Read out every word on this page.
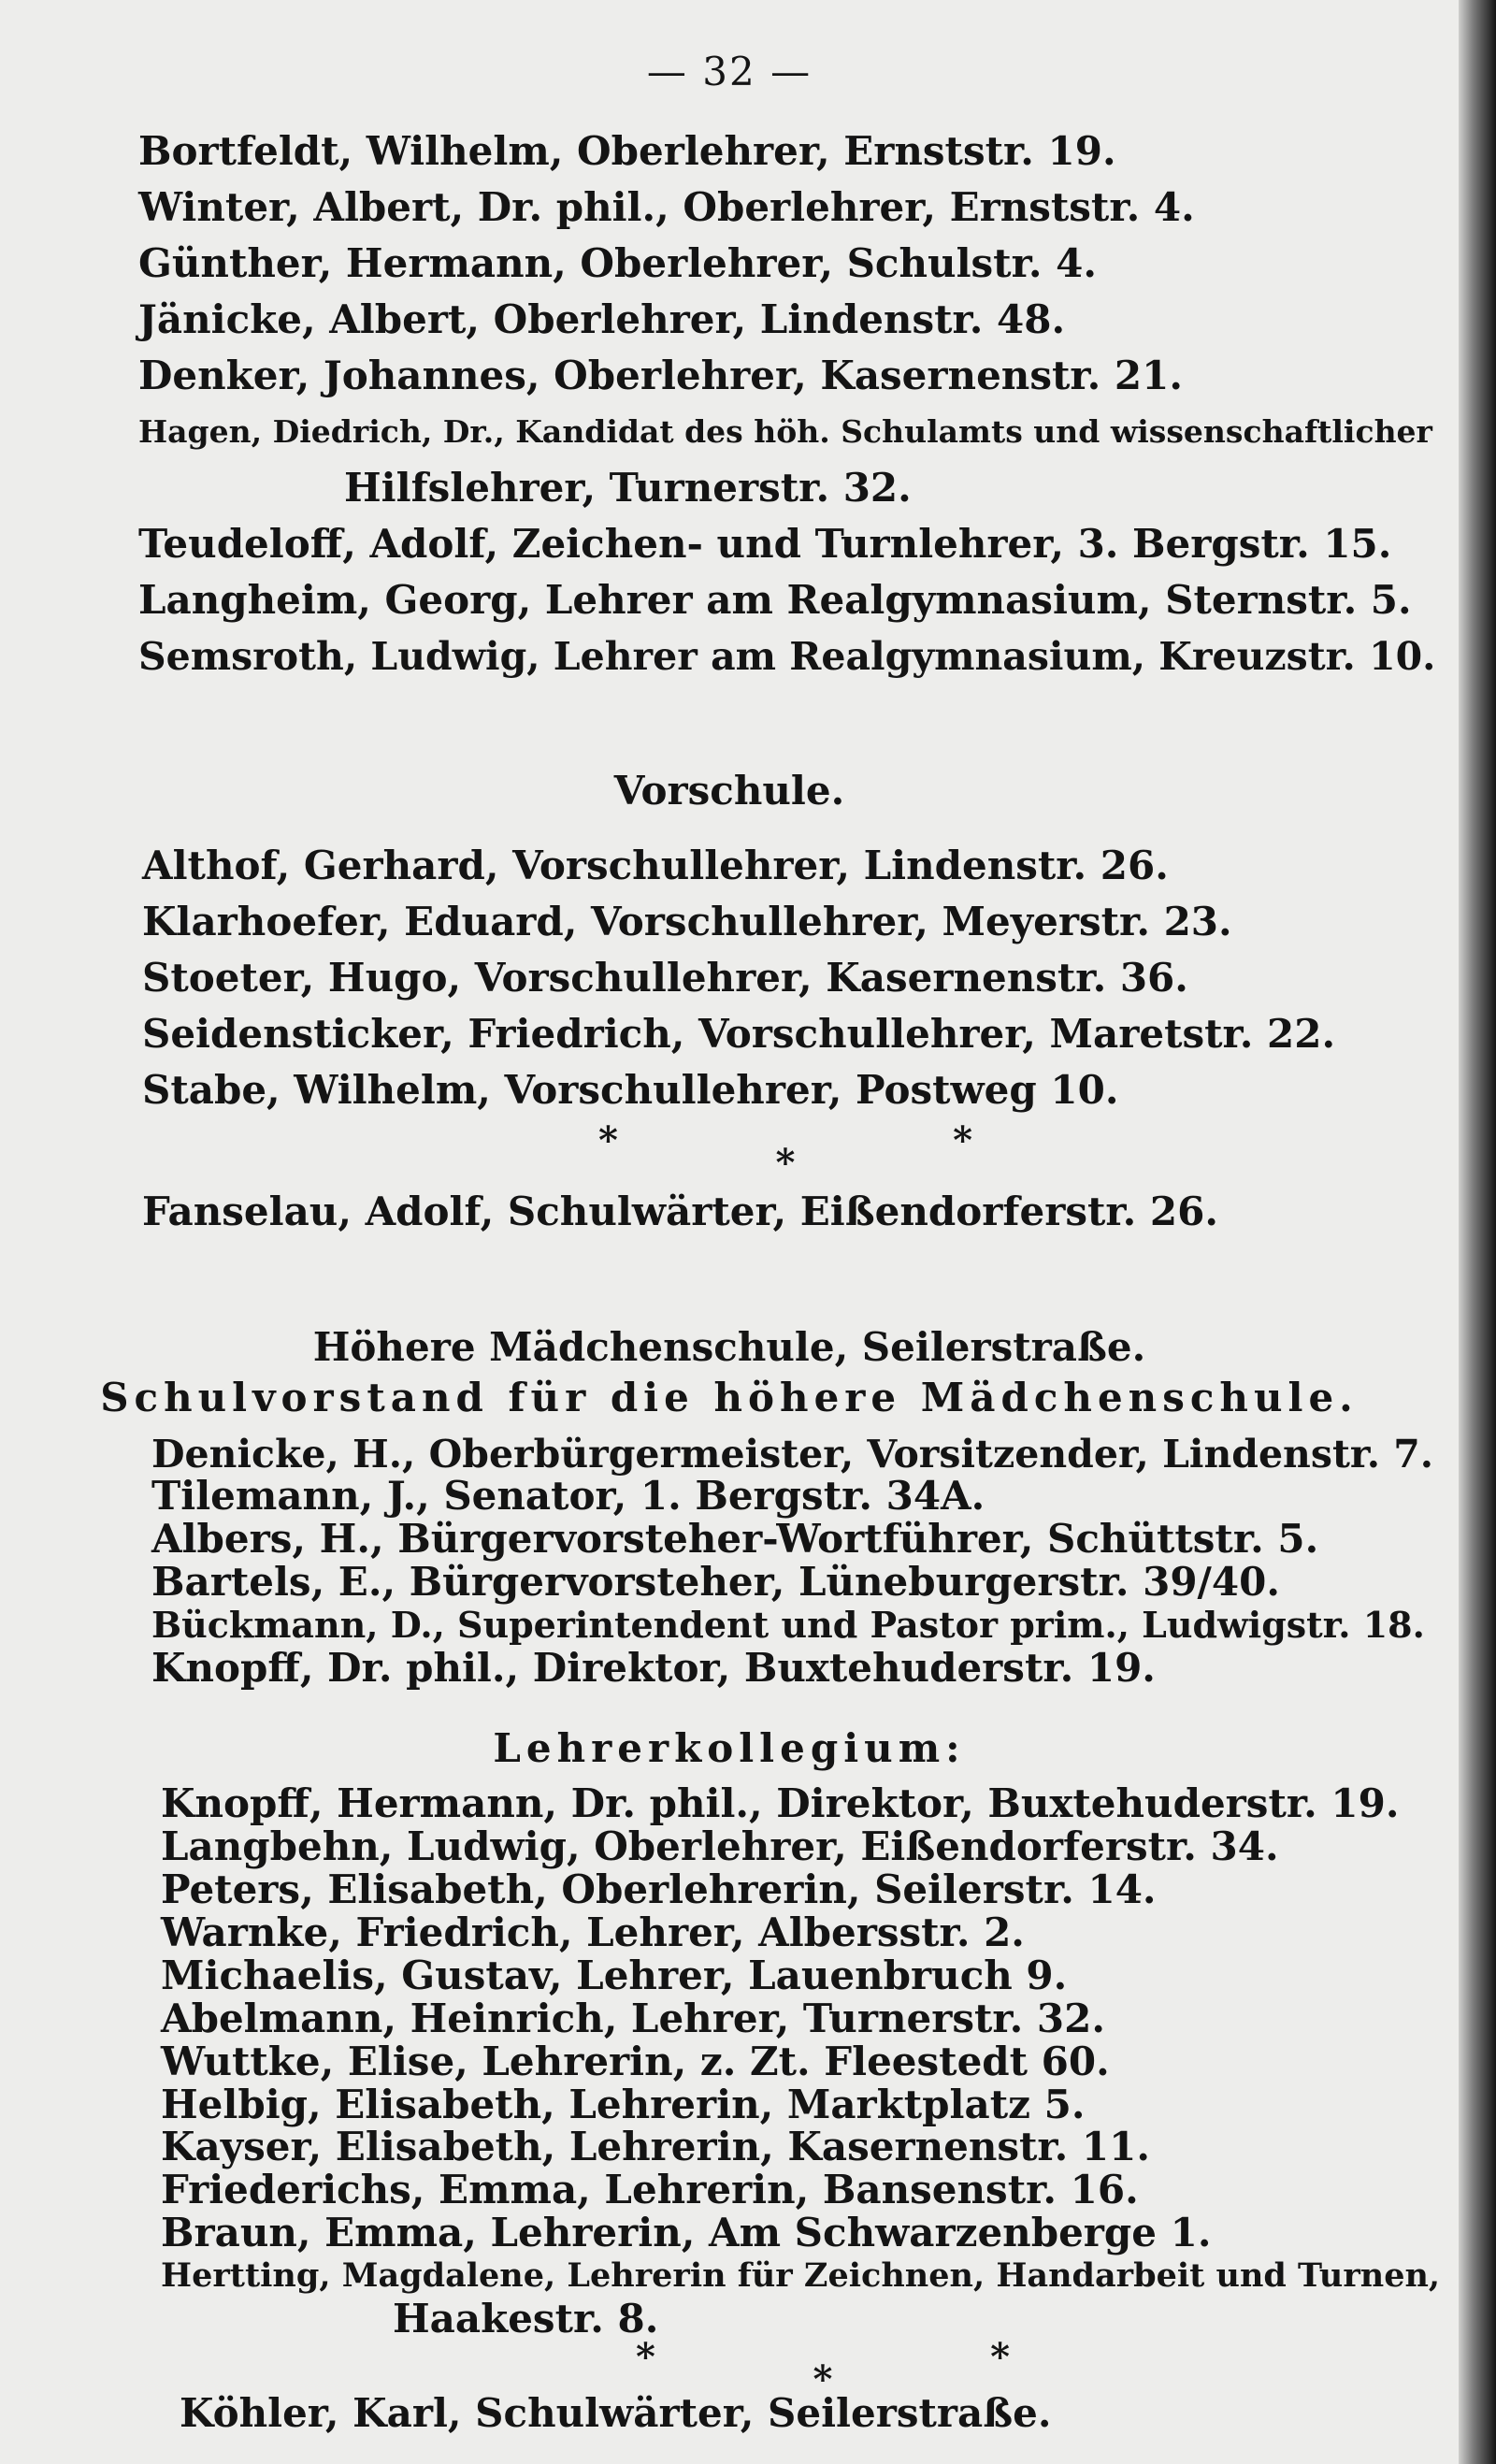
— 32 —
Bortfeldt, Wilhelm, Oberlehrer, Ernststr. 19.
Winter, Albert, Dr. phil., Oberlehrer, Ernststr. 4.
Günther, Hermann, Oberlehrer, Schulstr. 4.
Jänicke, Albert, Oberlehrer, Lindenstr. 48.
Denker, Johannes, Oberlehrer, Kasernenstr. 21.
Hagen, Diedrich, Dr., Kandidat des höh. Schulamts und wissenschaftlicher
Hilfslehrer, Turnerstr. 32.
Teudeloff, Adolf, Zeichen- und Turnlehrer, 3. Bergstr. 15.
Langheim, Georg, Lehrer am Realgymnasium, Sternstr. 5.
Semsroth, Ludwig, Lehrer am Realgymnasium, Kreuzstr. 10.
Vorschule.
Althof, Gerhard, Vorschullehrer, Lindenstr. 26.
Klarhoefer, Eduard, Vorschullehrer, Meyerstr. 23.
Stoeter, Hugo, Vorschullehrer, Kasernenstr. 36.
Seidensticker, Friedrich, Vorschullehrer, Maretstr. 22.
Stabe, Wilhelm, Vorschullehrer, Postweg 10.
*
*
*
Fanselau, Adolf, Schulwärter, Eißendorferstr. 26.
Höhere Mädchenschule, Seilerstraße.
Schulvorstand für die höhere Mädchenschule.
Denicke, H., Oberbürgermeister, Vorsitzender, Lindenstr. 7.
Tilemann, J., Senator, 1. Bergstr. 34A.
Albers, H., Bürgervorsteher-Wortführer, Schüttstr. 5.
Bartels, E., Bürgervorsteher, Lüneburgerstr. 39/40.
Bückmann, D., Superintendent und Pastor prim., Ludwigstr. 18.
Knopff, Dr. phil., Direktor, Buxtehuderstr. 19.
Lehrerkollegium:
Knopff, Hermann, Dr. phil., Direktor, Buxtehuderstr. 19.
Langbehn, Ludwig, Oberlehrer, Eißendorferstr. 34.
Peters, Elisabeth, Oberlehrerin, Seilerstr. 14.
Warnke, Friedrich, Lehrer, Albersstr. 2.
Michaelis, Gustav, Lehrer, Lauenbruch 9.
Abelmann, Heinrich, Lehrer, Turnerstr. 32.
Wuttke, Elise, Lehrerin, z. Zt. Fleestedt 60.
Helbig, Elisabeth, Lehrerin, Marktplatz 5.
Kayser, Elisabeth, Lehrerin, Kasernenstr. 11.
Friederichs, Emma, Lehrerin, Bansenstr. 16.
Braun, Emma, Lehrerin, Am Schwarzenberge 1.
Hertting, Magdalene, Lehrerin für Zeichnen, Handarbeit und Turnen,
Haakestr. 8.
*
*
*
Köhler, Karl, Schulwärter, Seilerstraße.
